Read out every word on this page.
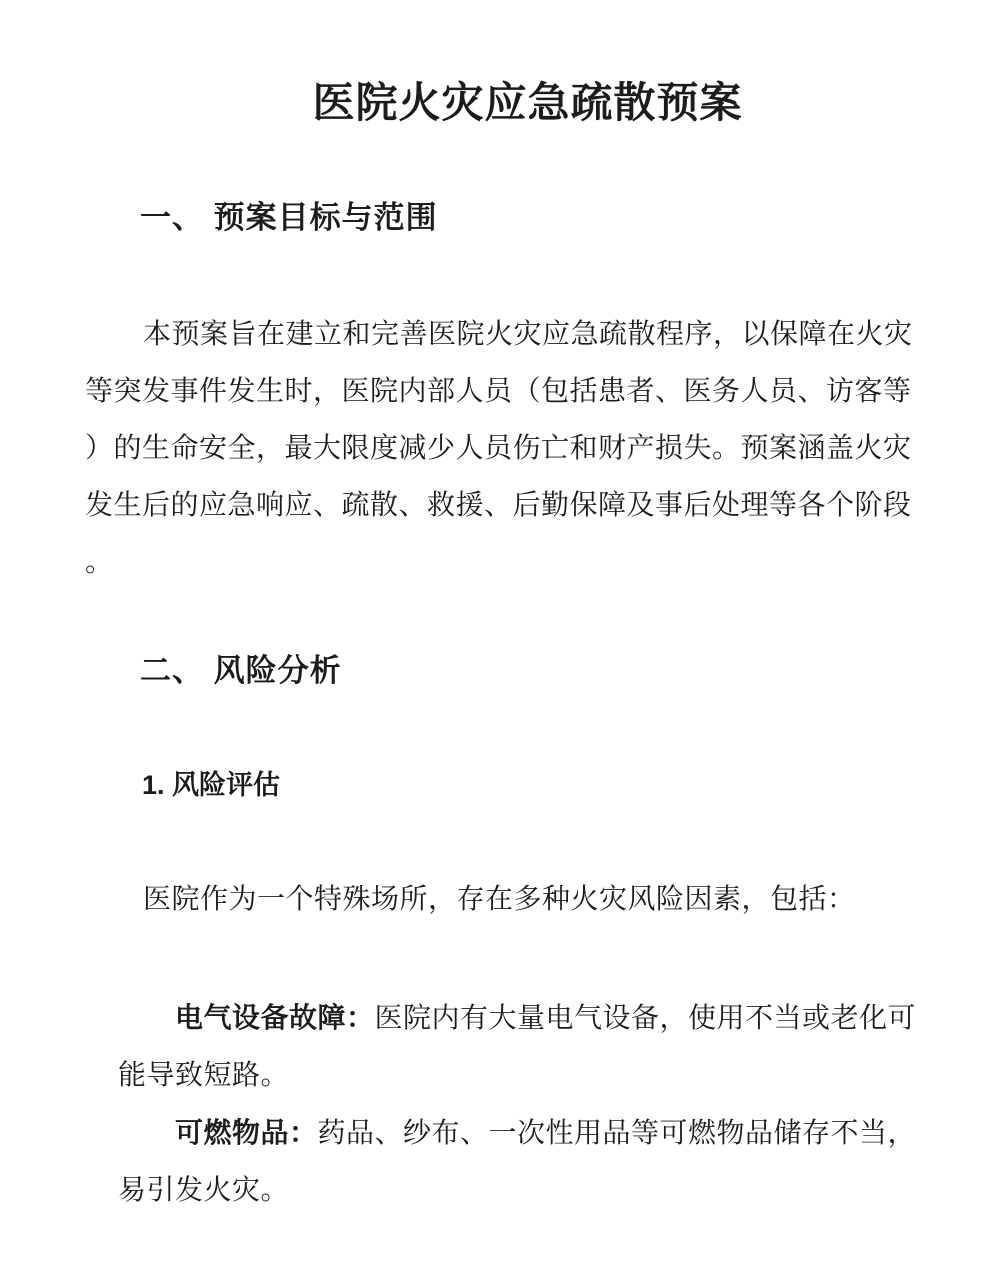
医院火灾应急疏散预案
一、 预案目标与范围
本预案旨在建立和完善医院火灾应急疏散程序，以保障在火灾
等突发事件发生时，医院内部人员（包括患者、医务人员、访客等
）的生命安全，最大限度减少人员伤亡和财产损失。预案涵盖火灾
发生后的应急响应、疏散、救援、后勤保障及事后处理等各个阶段
。
二、 风险分析
1. 风险评估
医院作为一个特殊场所，存在多种火灾风险因素，包括：
电气设备故障：医院内有大量电气设备，使用不当或老化可
能导致短路。
可燃物品：药品、纱布、一次性用品等可燃物品储存不当，
易引发火灾。
